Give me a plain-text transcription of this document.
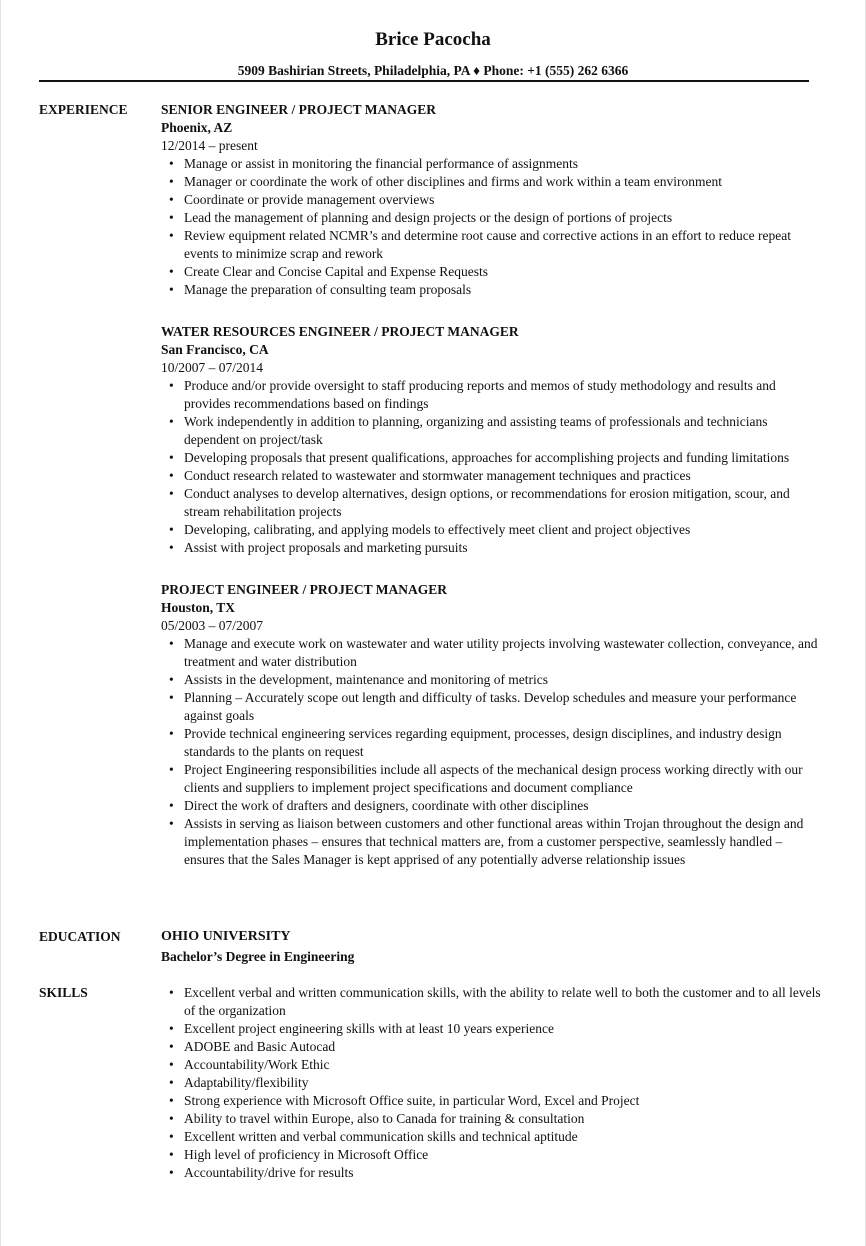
Brice Pacocha
5909 Bashirian Streets, Philadelphia, PA ♦ Phone: +1 (555) 262 6366
EXPERIENCE SENIOR ENGINEER / PROJECT MANAGER

Phoenix, AZ

12/2014 – present

• Manage or assist in monitoring the financial performance of assignments
• Manager or coordinate the work of other disciplines and firms and work within a team environment
• Coordinate or provide management overviews
• Lead the management of planning and design projects or the design of portions of projects
• Review equipment related NCMR’s and determine root cause and corrective actions in an effort to reduce repeat events to minimize scrap and rework
• Create Clear and Concise Capital and Expense Requests
• Manage the preparation of consulting team proposals

WATER RESOURCES ENGINEER / PROJECT MANAGER

San Francisco, CA

10/2007 – 07/2014

• Produce and/or provide oversight to staff producing reports and memos of study methodology and results and provides recommendations based on findings
• Work independently in addition to planning, organizing and assisting teams of professionals and technicians dependent on project/task
• Developing proposals that present qualifications, approaches for accomplishing projects and funding limitations
• Conduct research related to wastewater and stormwater management techniques and practices
• Conduct analyses to develop alternatives, design options, or recommendations for erosion mitigation, scour, and stream rehabilitation projects
• Developing, calibrating, and applying models to effectively meet client and project objectives
• Assist with project proposals and marketing pursuits

PROJECT ENGINEER / PROJECT MANAGER

Houston, TX

05/2003 – 07/2007

• Manage and execute work on wastewater and water utility projects involving wastewater collection, conveyance, and treatment and water distribution
• Assists in the development, maintenance and monitoring of metrics
• Planning – Accurately scope out length and difficulty of tasks. Develop schedules and measure your performance against goals
• Provide technical engineering services regarding equipment, processes, design disciplines, and industry design standards to the plants on request
• Project Engineering responsibilities include all aspects of the mechanical design process working directly with our clients and suppliers to implement project specifications and document compliance
• Direct the work of drafters and designers, coordinate with other disciplines
• Assists in serving as liaison between customers and other functional areas within Trojan throughout the design and implementation phases – ensures that technical matters are, from a customer perspective, seamlessly handled – ensures that the Sales Manager is kept apprised of any potentially adverse relationship issues
EDUCATION	OHIO UNIVERSITY

Bachelor’s Degree in Engineering

SKILLS
•	Excellent verbal and written communication skills, with the ability to relate well to both the customer and to all levels of the organization
• Excellent project engineering skills with at least 10 years experience
• ADOBE and Basic Autocad
• Accountability/Work Ethic
• Adaptability/flexibility
• Strong experience with Microsoft Office suite, in particular Word, Excel and Project
• Ability to travel within Europe, also to Canada for training & consultation
• Excellent written and verbal communication skills and technical aptitude
• High level of proficiency in Microsoft Office
• Accountability/drive for results
